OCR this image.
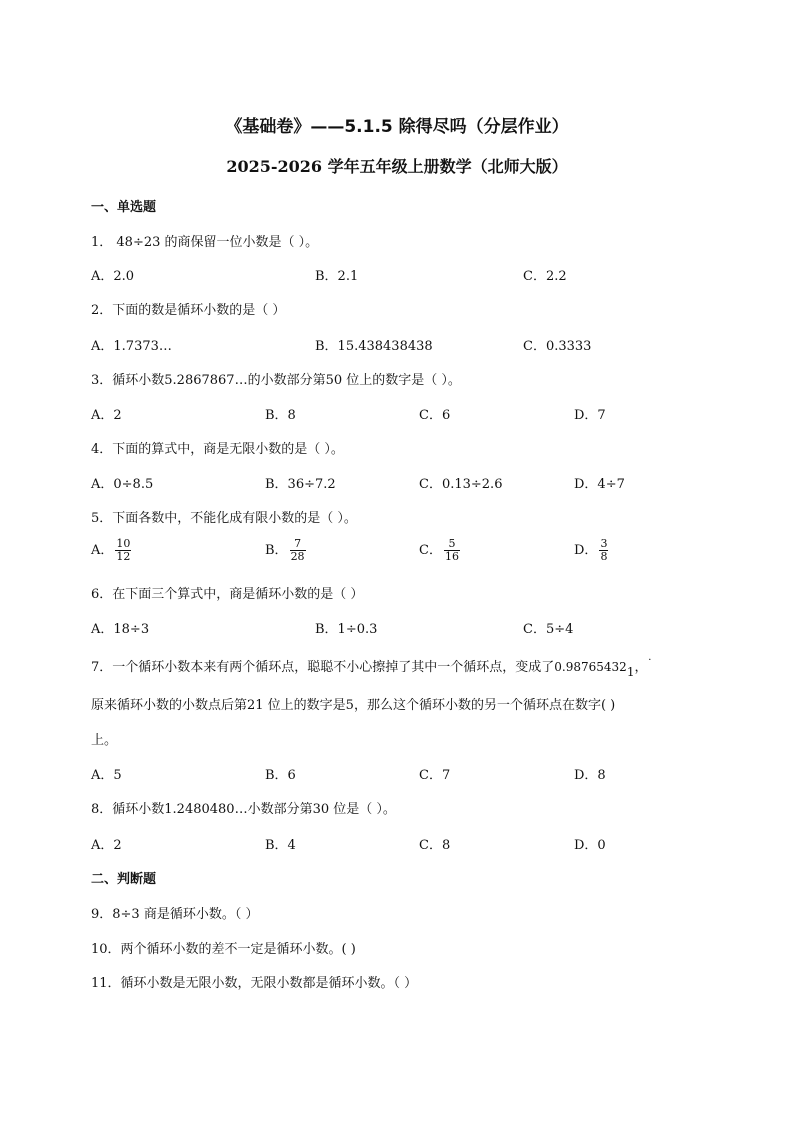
《基础卷》——5.1.5 除得尽吗（分层作业）
2025-2026 学年五年级上册数学（北师大版）
一、单选题
1． 48÷23 的商保留一位小数是（ ）。
A．2.0	B．2.1	C．2.2
2．下面的数是循环小数的是（ ）
A．1.7373…	B．15.438438438	C．0.3333
3．循环小数5.2867867…的小数部分第50 位上的数字是（ ）。
A．2	B．8	C．6	D．7
4．下面的算式中，商是无限小数的是（ ）。
A．0÷8.5	B．36÷7.2	C．0.13÷2.6	D．4÷7
5．下面各数中，不能化成有限小数的是（ ）。
A． $\frac{10}{12}$	B． $\frac{7}{28}$	C． $\frac{5}{16}$	D． $\frac{3}{8}$
6．在下面三个算式中，商是循环小数的是（ ）
A．18÷3	B．1÷0.3	C．5÷4
7．一个循环小数本来有两个循环点，聪聪不小心擦掉了其中一个循环点，变成了0.987654321
·
，
原来循环小数的小数点后第21 位上的数字是5，那么这个循环小数的另一个循环点在数字( )
上。
A．5	B．6	C．7	D．8
8．循环小数1.2480480…小数部分第30 位是（ ）。
A．2	B．4	C．8	D．0
二、判断题
9．8÷3 商是循环小数。（ ）
10．两个循环小数的差不一定是循环小数。( )
11．循环小数是无限小数，无限小数都是循环小数。（ ）
